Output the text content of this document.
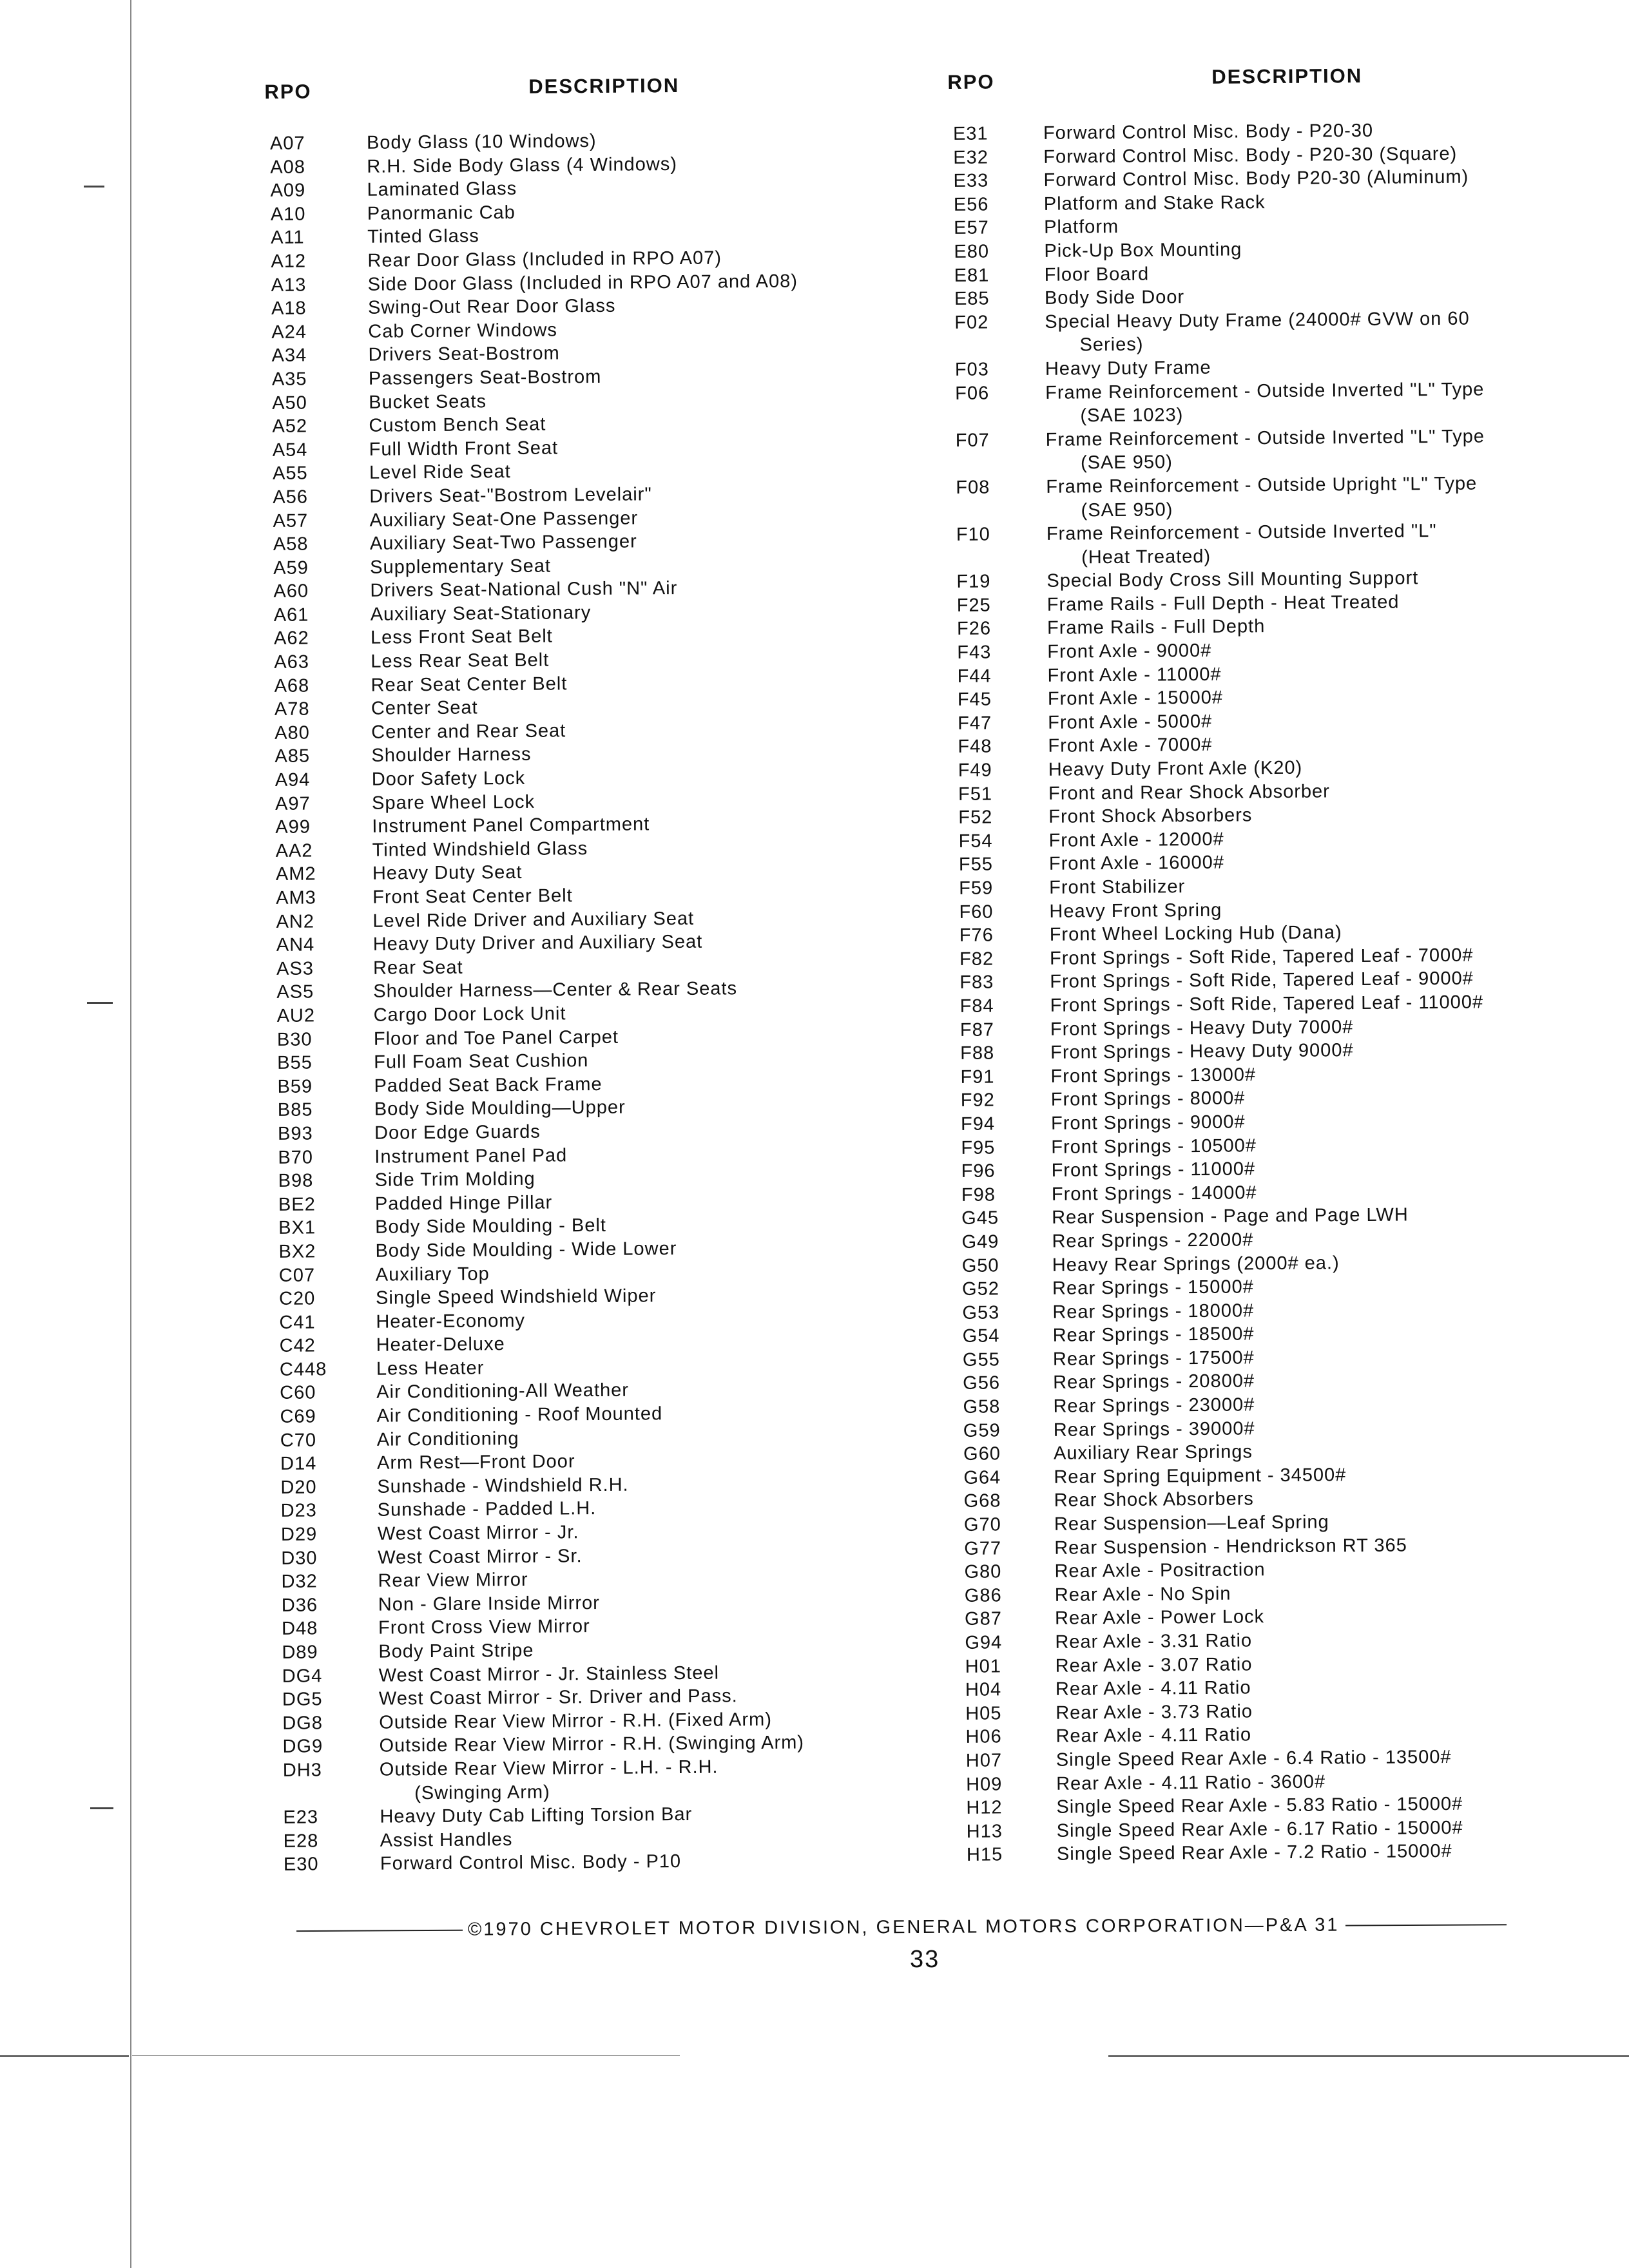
RPO	DESCRIPTION
A07	Body Glass (10 Windows)
A08	R.H. Side Body Glass (4 Windows)
A09	Laminated Glass
A10	Panormanic Cab
A11	Tinted Glass
A12	Rear Door Glass (Included in RPO A07)
A13	Side Door Glass (Included in RPO A07 and A08)
A18	Swing-Out Rear Door Glass
A24	Cab Corner Windows
A34	Drivers Seat-Bostrom
A35	Passengers Seat-Bostrom
A50	Bucket Seats
A52	Custom Bench Seat
A54	Full Width Front Seat
A55	Level Ride Seat
A56	Drivers Seat-"Bostrom Levelair"
A57	Auxiliary Seat-One Passenger
A58	Auxiliary Seat-Two Passenger
A59	Supplementary Seat
A60	Drivers Seat-National Cush "N" Air
A61	Auxiliary Seat-Stationary
A62	Less Front Seat Belt
A63	Less Rear Seat Belt
A68	Rear Seat Center Belt
A78	Center Seat
A80	Center and Rear Seat
A85	Shoulder Harness
A94	Door Safety Lock
A97	Spare Wheel Lock
A99	Instrument Panel Compartment
AA2	Tinted Windshield Glass
AM2	Heavy Duty Seat
AM3	Front Seat Center Belt
AN2	Level Ride Driver and Auxiliary Seat
AN4	Heavy Duty Driver and Auxiliary Seat
AS3	Rear Seat
AS5	Shoulder Harness—Center & Rear Seats
AU2	Cargo Door Lock Unit
B30	Floor and Toe Panel Carpet
B55	Full Foam Seat Cushion
B59	Padded Seat Back Frame
B85	Body Side Moulding—Upper
B93	Door Edge Guards
B70	Instrument Panel Pad
B98	Side Trim Molding
BE2	Padded Hinge Pillar
BX1	Body Side Moulding - Belt
BX2	Body Side Moulding - Wide Lower
C07	Auxiliary Top
C20	Single Speed Windshield Wiper
C41	Heater-Economy
C42	Heater-Deluxe
C448	Less Heater
C60	Air Conditioning-All Weather
C69	Air Conditioning - Roof Mounted
C70	Air Conditioning
D14	Arm Rest—Front Door
D20	Sunshade - Windshield R.H.
D23	Sunshade - Padded L.H.
D29	West Coast Mirror - Jr.
D30	West Coast Mirror - Sr.
D32	Rear View Mirror
D36	Non - Glare Inside Mirror
D48	Front Cross View Mirror
D89	Body Paint Stripe
DG4	West Coast Mirror - Jr. Stainless Steel
DG5	West Coast Mirror - Sr. Driver and Pass.
DG8	Outside Rear View Mirror - R.H. (Fixed Arm)
DG9	Outside Rear View Mirror - R.H. (Swinging Arm)
DH3	Outside Rear View Mirror - L.H. - R.H.
(Swinging Arm)
E23	Heavy Duty Cab Lifting Torsion Bar
E28	Assist Handles
E30	Forward Control Misc. Body - P10
RPO	DESCRIPTION
E31	Forward Control Misc. Body - P20-30
E32	Forward Control Misc. Body - P20-30 (Square)
E33	Forward Control Misc. Body P20-30 (Aluminum)
E56	Platform and Stake Rack
E57	Platform
E80	Pick-Up Box Mounting
E81	Floor Board
E85	Body Side Door
F02	Special Heavy Duty Frame (24000# GVW on 60
Series)
F03	Heavy Duty Frame
F06	Frame Reinforcement - Outside Inverted "L" Type
(SAE 1023)
F07	Frame Reinforcement - Outside Inverted "L" Type
(SAE 950)
F08	Frame Reinforcement - Outside Upright "L" Type
(SAE 950)
F10	Frame Reinforcement - Outside Inverted "L"
(Heat Treated)
F19	Special Body Cross Sill Mounting Support
F25	Frame Rails - Full Depth - Heat Treated
F26	Frame Rails - Full Depth
F43	Front Axle - 9000#
F44	Front Axle - 11000#
F45	Front Axle - 15000#
F47	Front Axle - 5000#
F48	Front Axle - 7000#
F49	Heavy Duty Front Axle (K20)
F51	Front and Rear Shock Absorber
F52	Front Shock Absorbers
F54	Front Axle - 12000#
F55	Front Axle - 16000#
F59	Front Stabilizer
F60	Heavy Front Spring
F76	Front Wheel Locking Hub (Dana)
F82	Front Springs - Soft Ride, Tapered Leaf - 7000#
F83	Front Springs - Soft Ride, Tapered Leaf - 9000#
F84	Front Springs - Soft Ride, Tapered Leaf - 11000#
F87	Front Springs - Heavy Duty 7000#
F88	Front Springs - Heavy Duty 9000#
F91	Front Springs - 13000#
F92	Front Springs - 8000#
F94	Front Springs - 9000#
F95	Front Springs - 10500#
F96	Front Springs - 11000#
F98	Front Springs - 14000#
G45	Rear Suspension - Page and Page LWH
G49	Rear Springs - 22000#
G50	Heavy Rear Springs (2000# ea.)
G52	Rear Springs - 15000#
G53	Rear Springs - 18000#
G54	Rear Springs - 18500#
G55	Rear Springs - 17500#
G56	Rear Springs - 20800#
G58	Rear Springs - 23000#
G59	Rear Springs - 39000#
G60	Auxiliary Rear Springs
G64	Rear Spring Equipment - 34500#
G68	Rear Shock Absorbers
G70	Rear Suspension—Leaf Spring
G77	Rear Suspension - Hendrickson RT 365
G80	Rear Axle - Positraction
G86	Rear Axle - No Spin
G87	Rear Axle - Power Lock
G94	Rear Axle - 3.31 Ratio
H01	Rear Axle - 3.07 Ratio
H04	Rear Axle - 4.11 Ratio
H05	Rear Axle - 3.73 Ratio
H06	Rear Axle - 4.11 Ratio
H07	Single Speed Rear Axle - 6.4 Ratio - 13500#
H09	Rear Axle - 4.11 Ratio - 3600#
H12	Single Speed Rear Axle - 5.83 Ratio - 15000#
H13	Single Speed Rear Axle - 6.17 Ratio - 15000#
H15	Single Speed Rear Axle - 7.2 Ratio - 15000#
©1970 CHEVROLET MOTOR DIVISION, GENERAL MOTORS CORPORATION—P&A 31
33
